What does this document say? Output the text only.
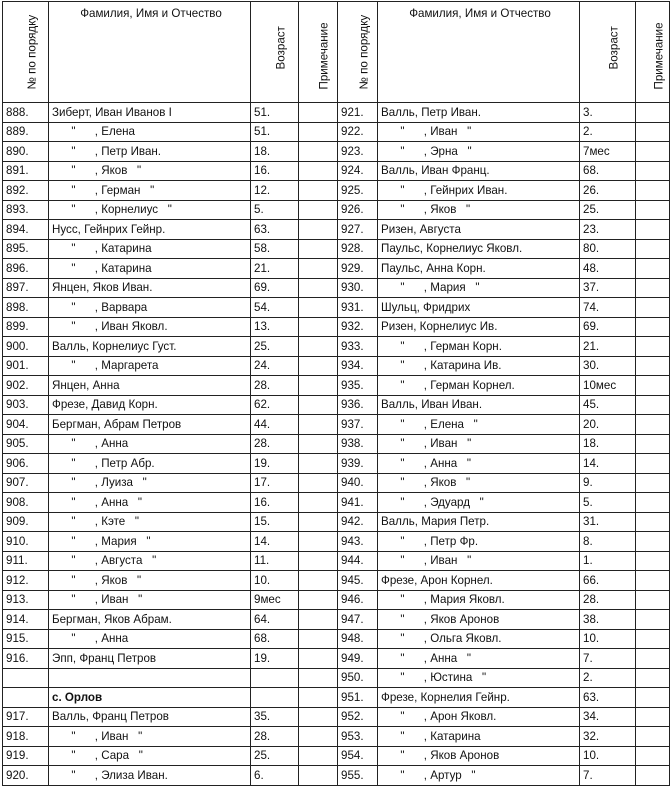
№ по порядку	Фамилия, Имя и Отчество	Возраст	Примечание	№ по порядку	Фамилия, Имя и Отчество	Возраст	Примечание

888.	Зиберт, Иван Иванов I	51.		921.	Валль, Петр Иван.	3.	
889.	"      , Елена	51.		922.	"      , Иван   "	2.	
890.	"      , Петр Иван.	18.		923.	"      , Эрна   "	7мес	
891.	"      , Яков   "	16.		924.	Валль, Иван Франц.	68.	
892.	"      , Герман   "	12.		925.	"      , Гейнрих Иван.	26.	
893.	"      , Корнелиус   "	5.		926.	"      , Яков   "	25.	
894.	Нусс, Гейнрих Гейнр.	63.		927.	Ризен, Августа	23.	
895.	"      , Катарина	58.		928.	Паульс, Корнелиус Яковл.	80.	
896.	"      , Катарина	21.		929.	Паульс, Анна Корн.	48.	
897.	Янцен, Яков Иван.	69.		930.	"      , Мария   "	37.	
898.	"      , Варвара	54.		931.	Шульц, Фридрих	74.	
899.	"      , Иван Яковл.	13.		932.	Ризен, Корнелиус Ив.	69.	
900.	Валль, Корнелиус Густ.	25.		933.	"      , Герман Корн.	21.	
901.	"      , Маргарета	24.		934.	"      , Катарина Ив.	30.	
902.	Янцен, Анна	28.		935.	"      , Герман Корнел.	10мес	
903.	Фрезе, Давид Корн.	62.		936.	Валль, Иван Иван.	45.	
904.	Бергман, Абрам Петров	44.		937.	"      , Елена   "	20.	
905.	"      , Анна	28.		938.	"      , Иван   "	18.	
906.	"      , Петр Абр.	19.		939.	"      , Анна   "	14.	
907.	"      , Луиза   "	17.		940.	"      , Яков   "	9.	
908.	"      , Анна   "	16.		941.	"      , Эдуард   "	5.	
909.	"      , Кэте   "	15.		942.	Валль, Мария Петр.	31.	
910.	"      , Мария   "	14.		943.	"      , Петр Фр.	8.	
911.	"      , Августа   "	11.		944.	"      , Иван   "	1.	
912.	"      , Яков   "	10.		945.	Фрезе, Арон Корнел.	66.	
913.	"      , Иван   "	9мес		946.	"      , Мария Яковл.	28.	
914.	Бергман, Яков Абрам.	64.		947.	"      , Яков Аронов	38.	
915.	"      , Анна	68.		948.	"      , Ольга Яковл.	10.	
916.	Эпп, Франц Петров	19.		949.	"      , Анна   "	7.	
				950.	"      , Юстина   "	2.	
	с. Орлов			951.	Фрезе, Корнелия Гейнр.	63.	
917.	Валль, Франц Петров	35.		952.	"      , Арон Яковл.	34.	
918.	"      , Иван   "	28.		953.	"      , Катарина	32.	
919.	"      , Сара   "	25.		954.	"      , Яков Аронов	10.	
920.	"      , Элиза Иван.	6.		955.	"      , Артур   "	7.	
